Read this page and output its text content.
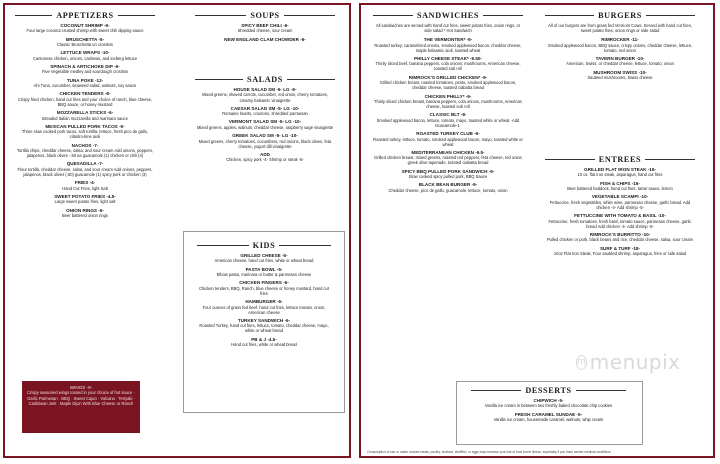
APPETIZERS
COCONUT SHRIMP -9-
Four large coconut crusted shrimp with sweet chili dipping sauce
BRUSCHETTA -5-
Classic Bruschetta on crostinis
LETTUCE WRAPS -10-
Cantonese chicken, onions, cashews, and iceberg lettuce
SPINACH & ARTICHOKE DIP -9-
Five Vegetable medley and sourdough crostinis
TUNA POKE -12-
Ahi Tuna, cucumber, seaweed salad, walnuts, soy sauce
CHICKEN TENDERS -8-
Crispy fried chicken, hand cut fries and your choice of ranch, blue cheese, BBQ sauce, or honey mustard
MOZZARELLA STICKS -6-
Breaded Italian mozzarella and marinara sauce
MEXICAN PULLED PORK TACOS -9-
Three slow cooked pork tacos, soft tortilla, lettuce, fresh pico de gallo, cilantro-lime aioli
NACHOS -7-
Tortilla chips, cheddar cheese, salsa, and sour cream Add onions, peppers, jalapenos, black olives -.50 ea guacamole (1) chicken or chili (4)
QUESADILLA -7-
Flour tortilla, cheddar cheese, salsa, and sour cream Add onions, peppers, jalapenos, black olives (.50) guacamole (1) spicy pork or chicken (3)
FRIES -4-
Hand Cut Fries, light Salt
SWEET POTATO FRIES -4.5-
Large sweet potato fries, light salt
ONION RINGS -5-
Beer battered onion rings
WINGS -9-
Crispy seasoned wings tossed in your choice of hot sauce · Garlic Parmesan · BBQ · Sweet Cajun · Volcano · Teriyaki · Caribbean Jerk · Maple Dijon With Blue Cheese or Ranch
SOUPS
SPICY BEEF CHILI -6-
Shredded cheese, sour cream
NEW ENGLAND CLAM CHOWDER -6-
SALADS
HOUSE SALAD SM -6- LG -9-
Mixed greens, shaved carrots, cucumber, red onion, cherry tomatoes, creamy balsamic vinaigrette
CAESAR SALAD SM -5- LG -10-
Romaine hearts, croutons, shredded parmesan
VERMONT SALAD SM -5- LG -10-
Mixed greens, apples, walnuts, cheddar cheese, raspberry sage vinaigrette
GREEK SALAD SM -5- LG -10-
Mixed greens, cherry tomatoes, cucumbers, red onions, black olives, feta cheese, yogurt dill vinaigrette
ADD
Chicken, spicy pork -4- Shrimp or steak -5-
KIDS
GRILLED CHEESE -5-
American cheese, hand cut fries, white or wheat bread
PASTA BOWL -5-
Elbow pasta, marinara or butter & parmesan cheese
CHICKEN FINGERS -6-
Chicken tenders, BBQ, Ranch, blue cheese or honey mustard, hand cut fries
HAMBURGER -6-
Four ounces of grass fed beef, hand cut fries, lettuce tomato, onion, American cheese
TURKEY SANDWICH -6-
Roasted Turkey, hand cut fries, lettuce, tomato, cheddar cheese, mayo, white or wheat bread
PB & J -4.5-
Hand cut fries, white or wheat bread
SANDWICHES
All sandwiches are served with hand cut fries, sweet potato fries, onion rings, or side salad * Hot Sandwich
THE VERMONTER* -9-
Roasted turkey, caramelized onions, smoked applewood bacon, cheddar cheese, maple balsamic aioli, toasted wheat
PHILLY CHEESE STEAK* -9.50-
Thinly sliced beef, banana peppers, cola onions, mushrooms, American cheese, toasted sub roll
RIMROCK'S GRILLED CHICKEN* -9-
Grilled chicken breast, roasted tomatoes, pesto, smoked applewood bacon, cheddar cheese, toasted ciabatta bread
CHICKEN PHILLY* -9-
Thinly sliced chicken breast, banana peppers, cola onions, mushrooms, American cheese, toasted sub roll
CLASSIC BLT -8-
Smoked applewood bacon, lettuce, tomato, mayo, toasted white or wheat ·Add Guacamole-1·
ROASTED TURKEY CLUB -9-
Roasted turkey, lettuce, tomato, smoked applewood bacon, mayo, toasted white or wheat
MEDITERRANEAN CHICKEN -9.5-
Grilled chicken breast, mixed greens, roasted red peppers, feta cheese, red onion greek olive tapenade, toasted ciabatta bread
SPICY BBQ PULLED PORK SANDWICH -9-
Slow cooked spicy pulled pork, BBQ Sauce
BLACK BEAN BURGER -9-
Cheddar cheese, pico de gallo, guacamole, lettuce, tomato, onion
BURGERS
All of our burgers are from grass fed Vermont Cows. Served with hand cut fries, sweet potato fries, onion rings or side salad
RIMROCKER -11-
Smoked applewood bacon, BBQ sauce, crispy onions, cheddar cheese, lettuce, tomato, red onion
TAVERN BURGER -10-
American, Swiss, or cheddar cheese, lettuce, tomato, onion
MUSHROOM SWISS -10-
Sauteed mushrooms, Swiss cheese
ENTREES
GRILLED FLAT IRON STEAK -16-
10 oz. flat iron steak, asparagus, hand cut fries
FISH & CHIPS -16-
Beer battered haddock, hand cut fries, tartar sauce, lemon
VEGETABLE SCAMPI -10-
Fettuccine, fresh vegetables, white wine, parmesan cheese, garlic bread. Add chicken -4- Add shrimp -5-
FETTUCCINE WITH TOMATO & BASIL -10-
Fettuccine, fresh tomatoes, fresh basil, tomato sauce, parmesan cheese, garlic bread Add chicken -4- Add shrimp -5-
RIMROCK'S BURRITTO -10-
Pulled chicken or pork, black beans and rice, cheddar cheese, salsa, sour cream
SURF & TURF -18-
10oz Flat Iron Steak, Four sautéed shrimp, asparagus, fries or side salad
m menupix
DESSERTS
CHIPWICH -5-
Vanilla ice cream in between two freshly baked chocolate chip cookies
FRESH CARAMEL SUNDAE -5-
Vanilla ice cream, housemade caramel, walnuts, whip cream
Consumption of raw or under cooked meats, poultry, seafood, shellfish, or eggs may increase your risk of food borne illness, especially if you have certain medical conditions.
